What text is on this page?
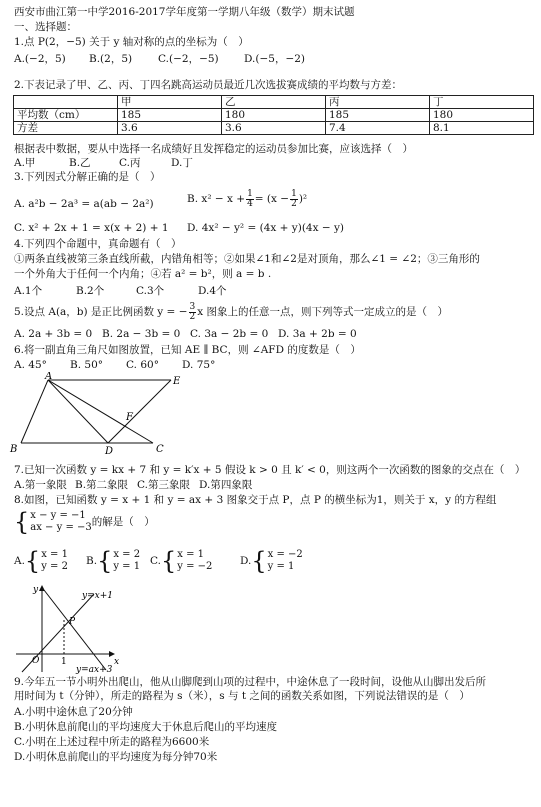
西安市曲江第一中学2016-2017学年度第一学期八年级（数学）期末试题
一、选择题：
1.点 P(2，−5) 关于 y 轴对称的点的坐标为（　）
A.(−2，5) B.(2，5) C.(−2，−5) D.(−5，−2)
2.下表记录了甲、乙、丙、丁四名跳高运动员最近几次选拔赛成绩的平均数与方差：
	甲	乙	丙	丁
平均数（cm）	185	180	185	180
方差	3.6	3.6	7.4	8.1
根据表中数据，要从中选择一名成绩好且发挥稳定的运动员参加比赛，应该选择（　）
A.甲	B.乙	C.丙	D.丁
3.下列因式分解正确的是（　）
A. a²b − 2a³ = a(ab − 2a²)	B. $x^2 - x + \frac{1}{4} = (x - \frac{1}{2} )^2$
C. x² + 2x + 1 = x(x + 2) + 1 D. 4x² − y² = (4x + y)(4x − y)
4.下列四个命题中，真命题有（　）
①两条直线被第三条直线所截，内错角相等；②如果∠1和∠2是对顶角，那么∠1 = ∠2；③三角形的
一个外角大于任何一个内角；④若 a² = b²，则 a = b .
A.1个	B.2个	C.3个	D.4个
5.设点 A(a，b) 是正比例函数 y = − $\frac{3}{2}$ x 图象上的任意一点，则下列等式一定成立的是（　）
A. 2a + 3b = 0 B. 2a − 3b = 0 C. 3a − 2b = 0 D. 3a + 2b = 0
6.将一副直角三角尺如图放置，已知 AE ∥ BC，则 ∠AFD 的度数是（　）
A. 45° B. 50° C. 60° D. 75°
A	E
F
B	D	C
7.已知一次函数 y = kx + 7 和 y = k′x + 5 假设 k > 0 且 k′ < 0，则这两个一次函数的图象的交点在（　）
A.第一象限 B.第二象限 C.第三象限 D.第四象限
8.如图，已知函数 y = x + 1 和 y = ax + 3 图象交于点 P，点 P 的横坐标为1，则关于 x，y 的方程组
{ x − y = −1
ax − y = −3 的解是（　）
A.{ x = 1
y = 2 B.{ x = 2
y = 1 C.{ x = 1
y = −2	D.{ x = −2
y = 1
y=x+1
y=ax+3
P
O 1	x
y
9.今年五一节小明外出爬山，他从山脚爬到山项的过程中，中途休息了一段时间，设他从山脚出发后所
用时间为 t（分钟），所走的路程为 s（米），s 与 t 之间的函数关系如图，下列说法错误的是（　）
A.小明中途休息了20分钟
B.小明休息前爬山的平均速度大于休息后爬山的平均速度
C.小明在上述过程中所走的路程为6600米
D.小明休息前爬山的平均速度为每分钟70米
